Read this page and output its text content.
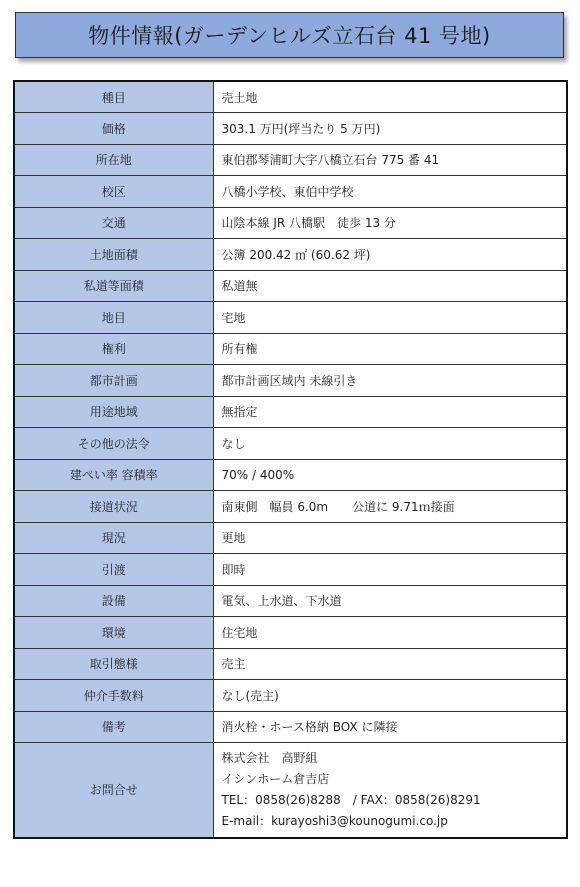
物件情報(ガーデンヒルズ立石台 41 号地)
種目	売土地
価格	303.1 万円(坪当たり 5 万円)
所在地	東伯郡琴浦町大字八橋立石台 775 番 41
校区	八橋小学校、東伯中学校
交通	山陰本線 JR 八橋駅　徒歩 13 分
土地面積	公簿 200.42 ㎡ (60.62 坪)
私道等面積	私道無
地目	宅地
権利	所有権
都市計画	都市計画区域内 未線引き
用途地域	無指定
その他の法令	なし
建ぺい率 容積率	70% / 400%
接道状況	南東側　幅員 6.0m　　公道に 9.71ｍ接面
現況	更地
引渡	即時
設備	電気、上水道、下水道
環境	住宅地
取引態様	売主
仲介手数料	なし(売主)
備考	消火栓・ホース格納 BOX に隣接
お問合せ	株式会社　高野組
イシンホーム倉吉店
TEL：0858(26)8288　/ FAX：0858(26)8291
E-mail：kurayoshi3@kounogumi.co.jp
